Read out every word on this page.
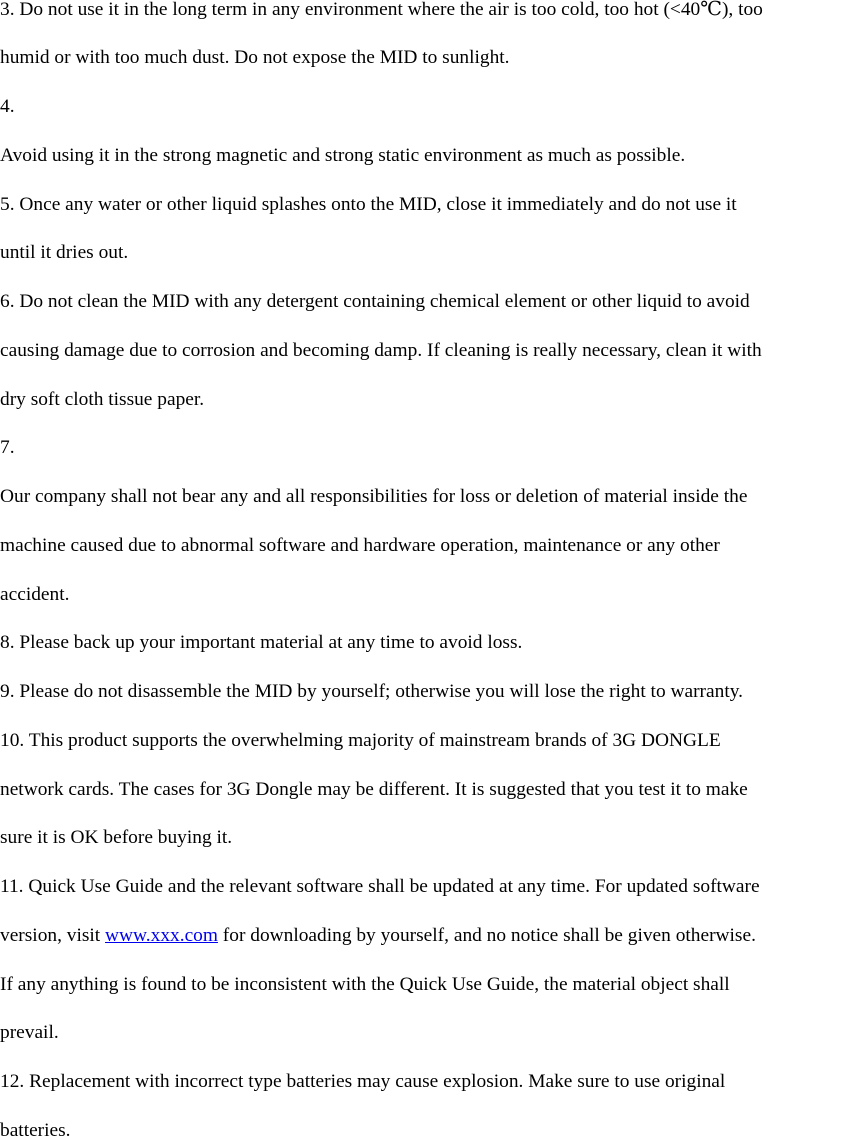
3. Do not use it in the long term in any environment where the air is too cold, too hot (<40℃), too
humid or with too much dust. Do not expose the MID to sunlight.
4.
Avoid using it in the strong magnetic and strong static environment as much as possible.
5. Once any water or other liquid splashes onto the MID, close it immediately and do not use it
until it dries out.
6. Do not clean the MID with any detergent containing chemical element or other liquid to avoid
causing damage due to corrosion and becoming damp. If cleaning is really necessary, clean it with
dry soft cloth tissue paper.
7.
Our company shall not bear any and all responsibilities for loss or deletion of material inside the
machine caused due to abnormal software and hardware operation, maintenance or any other
accident.
8. Please back up your important material at any time to avoid loss.
9. Please do not disassemble the MID by yourself; otherwise you will lose the right to warranty.
10. This product supports the overwhelming majority of mainstream brands of 3G DONGLE
network cards. The cases for 3G Dongle may be different. It is suggested that you test it to make
sure it is OK before buying it.
11. Quick Use Guide and the relevant software shall be updated at any time. For updated software
version, visit www.xxx.com for downloading by yourself, and no notice shall be given otherwise.
If any anything is found to be inconsistent with the Quick Use Guide, the material object shall
prevail.
12. Replacement with incorrect type batteries may cause explosion. Make sure to use original
batteries.
